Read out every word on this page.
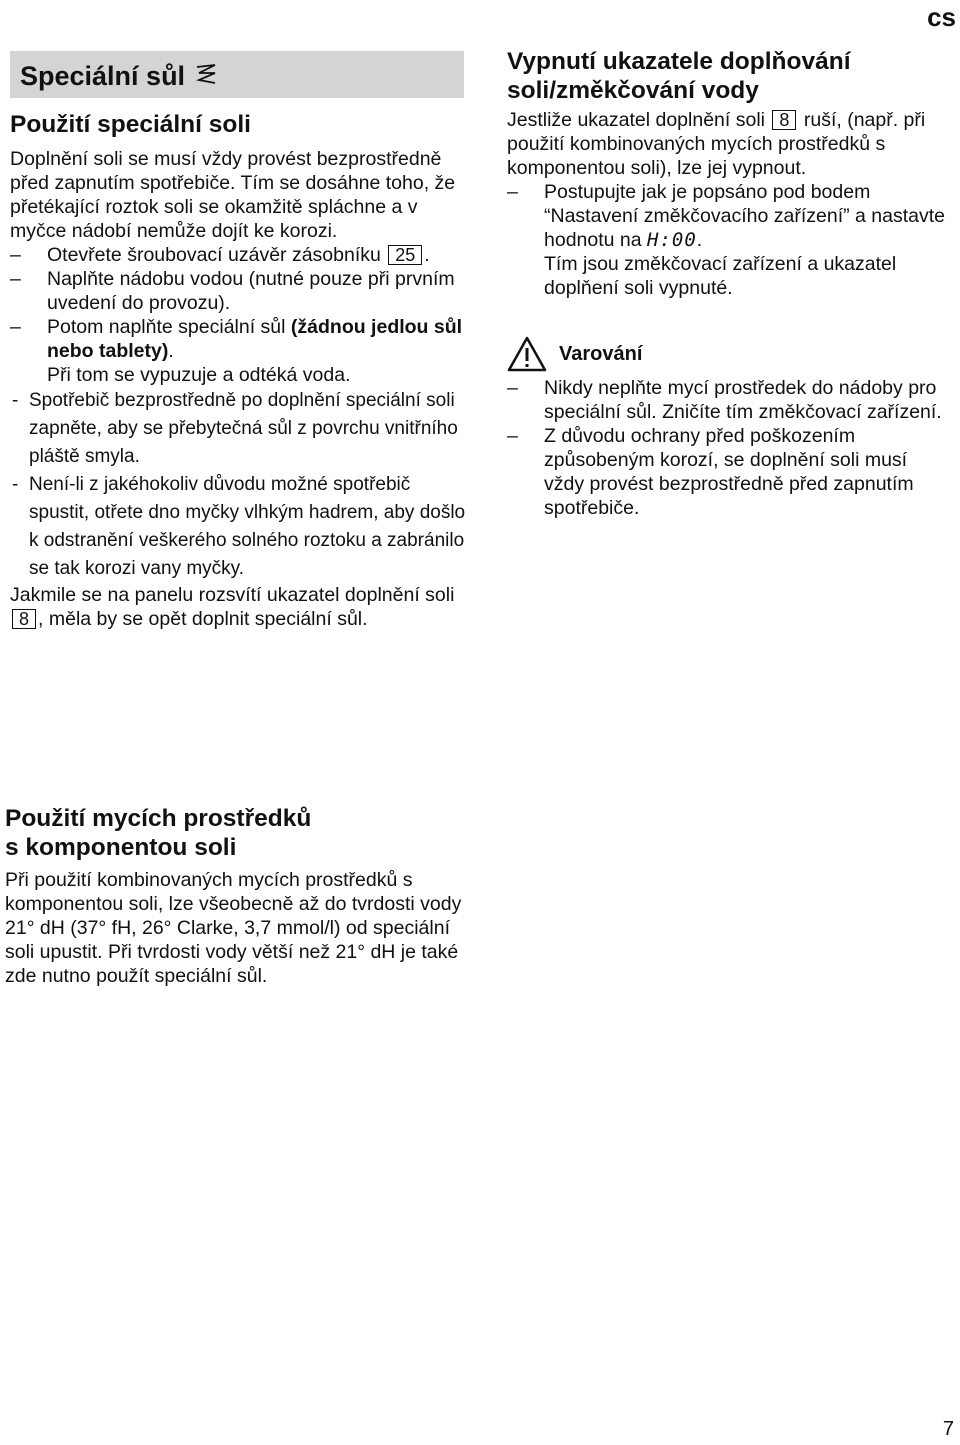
cs
Speciální sůl
Použití speciální soli

Doplnění soli se musí vždy provést bezprostředně před zapnutím spotřebiče. Tím se dosáhne toho, že přetékající roztok soli se okamžitě spláchne a v myčce nádobí nemůže dojít ke korozi.

– Otevřete šroubovací uzávěr zásobníku 25 .

– Naplňte nádobu vodou (nutné pouze při prvním uvedení do provozu).

– Potom naplňte speciální sůl (žádnou jedlou sůl nebo tablety).
Při tom se vypuzuje a odtéká voda.

- Spotřebič bezprostředně po doplnění speciální soli zapněte, aby se přebytečná sůl z povrchu vnitřního pláště smyla.

- Není-li z jakéhokoliv důvodu možné spotřebič spustit, otřete dno myčky vlhkým hadrem, aby došlo k odstranění veškerého solného roztoku a zabránilo se tak korozi vany myčky.

Jakmile se na panelu rozsvítí ukazatel doplnění soli 8 , měla by se opět doplnit speciální sůl.

Použití mycích prostředků
s komponentou soli

Při použití kombinovaných mycích prostředků s komponentou soli, lze všeobecně až do tvrdosti vody 21° dH (37° fH, 26° Clarke, 3,7 mmol/l) od speciální soli upustit. Při tvrdosti vody větší než 21° dH je také zde nutno použít speciální sůl.

Vypnutí ukazatele doplňování
soli/změkčování vody

Jestliže ukazatel doplnění soli 8 ruší, (např. při použití kombinovaných mycích prostředků s komponentou soli), lze jej vypnout.

– Postupujte jak je popsáno pod bodem “Nastavení změkčovacího zařízení” a nastavte hodnotu na H:00.
Tím jsou změkčovací zařízení a ukazatel doplňení soli vypnuté.

Varování

– Nikdy neplňte mycí prostředek do nádoby pro speciální sůl. Zničíte tím změkčovací zařízení.

– Z důvodu ochrany před poškozením způsobeným korozí, se doplnění soli musí vždy provést bezprostředně před zapnutím spotřebiče.

7
